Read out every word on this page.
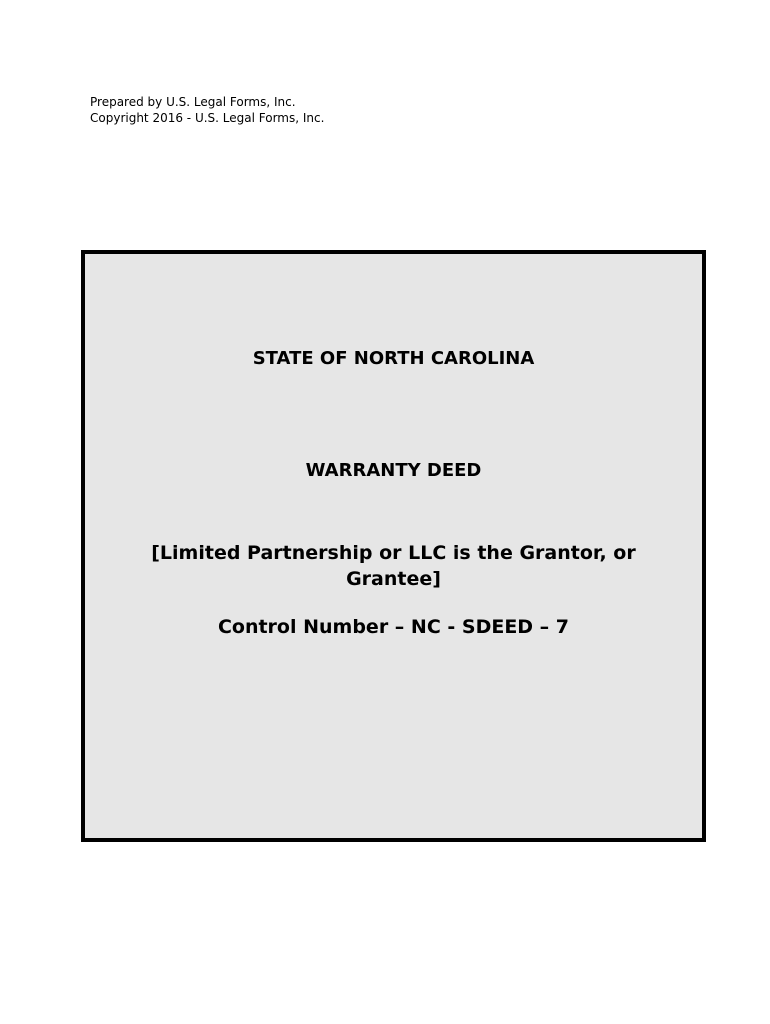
Prepared by U.S. Legal Forms, Inc.
Copyright 2016 - U.S. Legal Forms, Inc.
STATE OF NORTH CAROLINA
WARRANTY DEED
[Limited Partnership or LLC is the Grantor, or Grantee]
Control Number – NC - SDEED – 7
